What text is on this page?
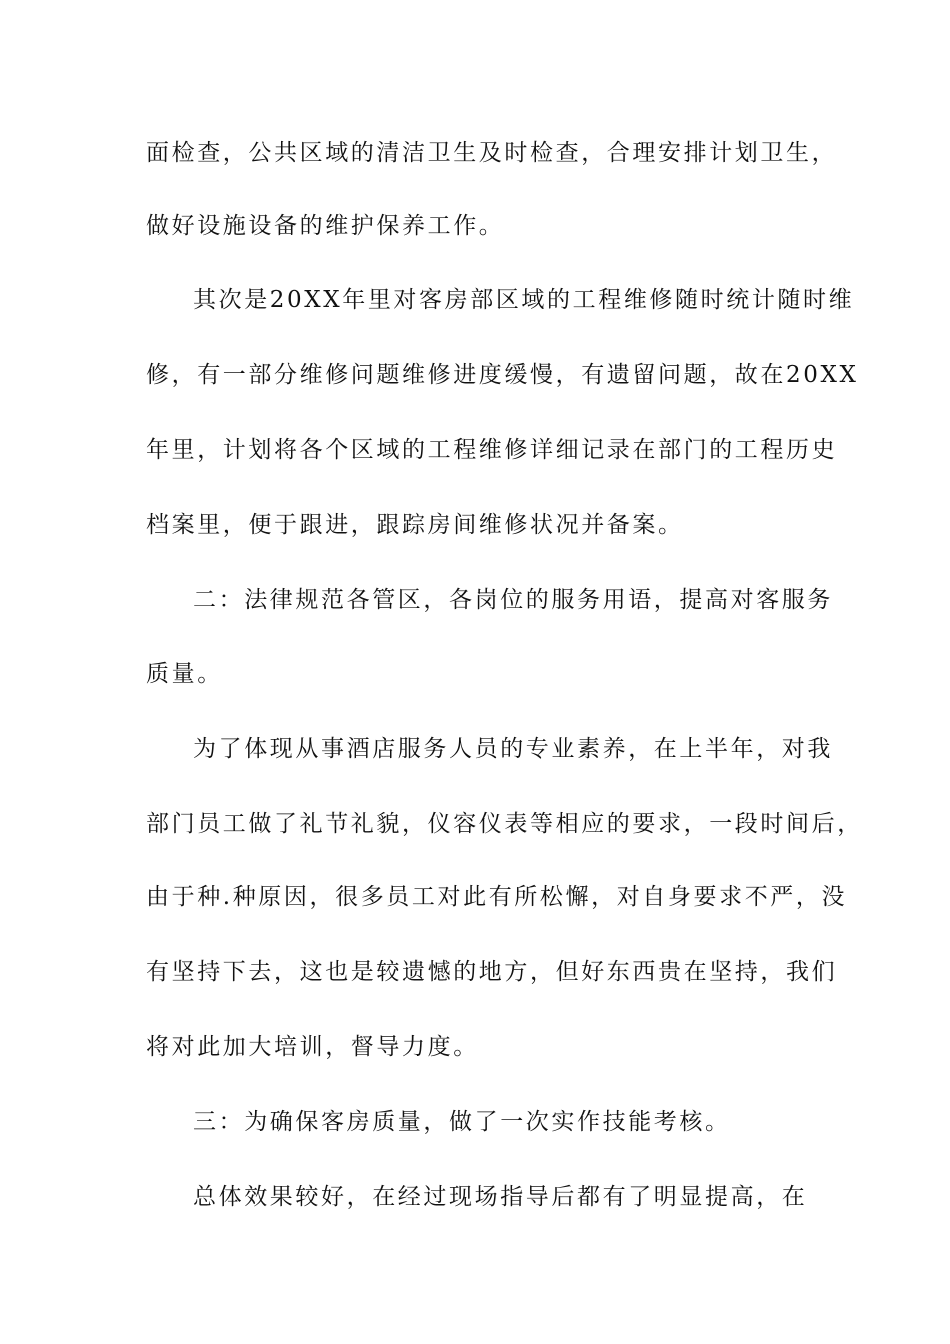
面检查，公共区域的清洁卫生及时检查，合理安排计划卫生，
做好设施设备的维护保养工作。
其次是20XX年里对客房部区域的工程维修随时统计随时维
修，有一部分维修问题维修进度缓慢，有遗留问题，故在20XX
年里，计划将各个区域的工程维修详细记录在部门的工程历史
档案里，便于跟进，跟踪房间维修状况并备案。
二：法律规范各管区，各岗位的服务用语，提高对客服务
质量。
为了体现从事酒店服务人员的专业素养，在上半年，对我
部门员工做了礼节礼貌，仪容仪表等相应的要求，一段时间后，
由于种.种原因，很多员工对此有所松懈，对自身要求不严，没
有坚持下去，这也是较遗憾的地方，但好东西贵在坚持，我们
将对此加大培训，督导力度。
三：为确保客房质量，做了一次实作技能考核。
总体效果较好，在经过现场指导后都有了明显提高，在
